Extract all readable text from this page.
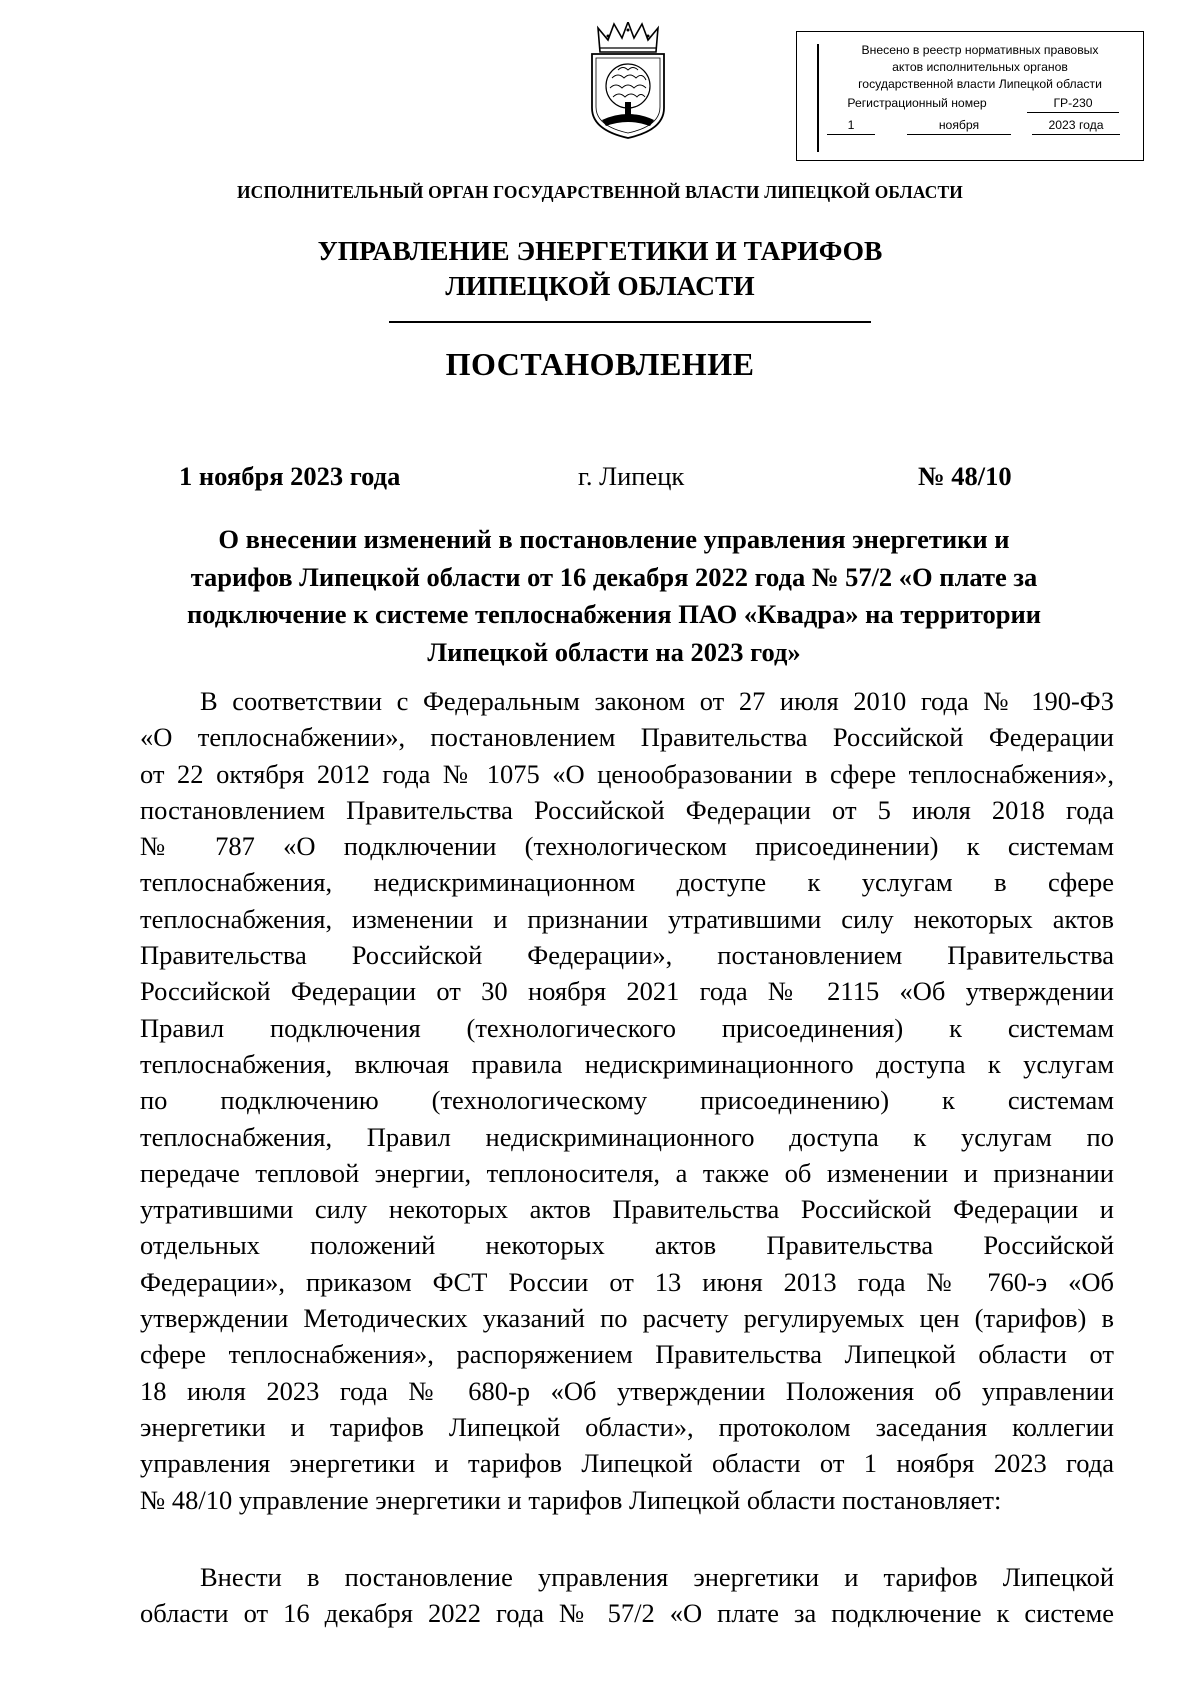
Внесено в реестр нормативных правовых
актов исполнительных органов
государственной власти Липецкой области
Регистрационный номер	ГР-230
1	ноября	2023 года
ИСПОЛНИТЕЛЬНЫЙ ОРГАН ГОСУДАРСТВЕННОЙ ВЛАСТИ ЛИПЕЦКОЙ ОБЛАСТИ
УПРАВЛЕНИЕ ЭНЕРГЕТИКИ И ТАРИФОВ
ЛИПЕЦКОЙ ОБЛАСТИ
ПОСТАНОВЛЕНИЕ
1 ноября 2023 года	г. Липецк	№ 48/10
О внесении изменений в постановление управления энергетики и
тарифов Липецкой области от 16 декабря 2022 года № 57/2 «О плате за
подключение к системе теплоснабжения ПАО «Квадра» на территории
Липецкой области на 2023 год»
В соответствии с Федеральным законом от 27 июля 2010 года № 190-ФЗ
«О теплоснабжении», постановлением Правительства Российской Федерации
от 22 октября 2012 года № 1075 «О ценообразовании в сфере теплоснабжения»,
постановлением Правительства Российской Федерации от 5 июля 2018 года
№ 787 «О подключении (технологическом присоединении) к системам
теплоснабжения, недискриминационном доступе к услугам в сфере
теплоснабжения, изменении и признании утратившими силу некоторых актов
Правительства Российской Федерации», постановлением Правительства
Российской Федерации от 30 ноября 2021 года № 2115 «Об утверждении
Правил подключения (технологического присоединения) к системам
теплоснабжения, включая правила недискриминационного доступа к услугам
по подключению (технологическому присоединению) к системам
теплоснабжения, Правил недискриминационного доступа к услугам по
передаче тепловой энергии, теплоносителя, а также об изменении и признании
утратившими силу некоторых актов Правительства Российской Федерации и
отдельных положений некоторых актов Правительства Российской
Федерации», приказом ФСТ России от 13 июня 2013 года № 760-э «Об
утверждении Методических указаний по расчету регулируемых цен (тарифов) в
сфере теплоснабжения», распоряжением Правительства Липецкой области от
18 июля 2023 года № 680-р «Об утверждении Положения об управлении
энергетики и тарифов Липецкой области», протоколом заседания коллегии
управления энергетики и тарифов Липецкой области от 1 ноября 2023 года
№ 48/10 управление энергетики и тарифов Липецкой области постановляет:
Внести в постановление управления энергетики и тарифов Липецкой
области от 16 декабря 2022 года № 57/2 «О плате за подключение к системе
